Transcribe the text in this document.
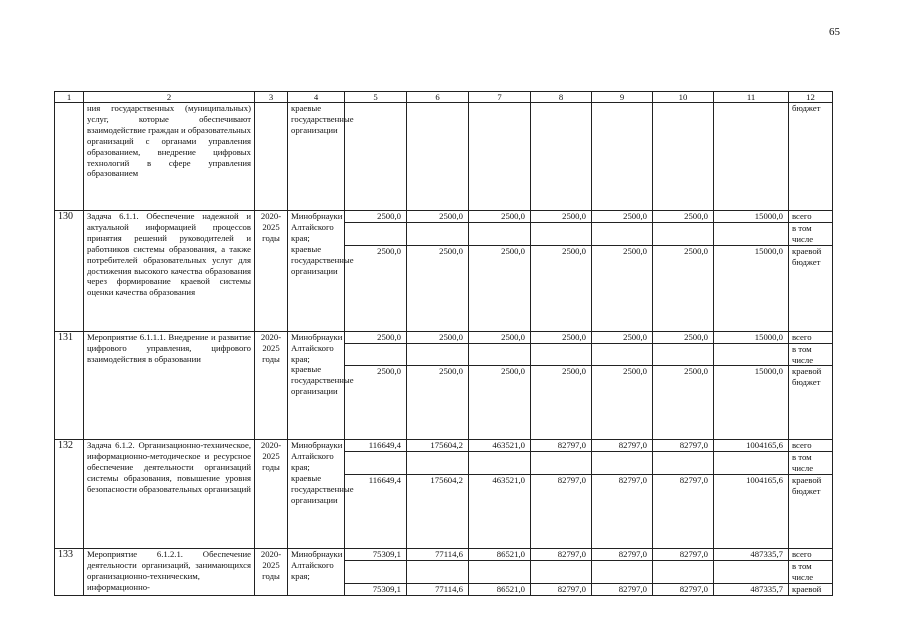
65
1	2	3	4	5	6	7	8	9	10	11	12
	ния государственных (муниципальных) услуг, которые обеспечивают взаимодействие граждан и образовательных организаций с органами управления образованием, внедрение цифровых технологий в сфере управления образованием		краевые государственные организации								бюджет
130	Задача 6.1.1. Обеспечение надежной и актуальной информацией процессов принятия решений руководителей и работников системы образования, а также потребителей образовательных услуг для достижения высокого качества образования через формирование краевой системы оценки качества образования	2020-2025 годы	Минобрнауки Алтайского края; краевые государственные организации	2500,0	2500,0	2500,0	2500,0	2500,0	2500,0	15000,0	всего
											в том числе
				2500,0	2500,0	2500,0	2500,0	2500,0	2500,0	15000,0	краевой бюджет
131	Мероприятие 6.1.1.1. Внедрение и развитие цифрового управления, цифрового взаимодействия в образовании	2020-2025 годы	Минобрнауки Алтайского края; краевые государственные организации	2500,0	2500,0	2500,0	2500,0	2500,0	2500,0	15000,0	всего
											в том числе
				2500,0	2500,0	2500,0	2500,0	2500,0	2500,0	15000,0	краевой бюджет
132	Задача 6.1.2. Организационно-техническое, информационно-методическое и ресурсное обеспечение деятельности организаций системы образования, повышение уровня безопасности образовательных организаций	2020-2025 годы	Минобрнауки Алтайского края; краевые государственные организации	116649,4	175604,2	463521,0	82797,0	82797,0	82797,0	1004165,6	всего
											в том числе
				116649,4	175604,2	463521,0	82797,0	82797,0	82797,0	1004165,6	краевой бюджет
133	Мероприятие 6.1.2.1. Обеспечение деятельности организаций, занимающихся организационно-техническим, информационно-	2020-2025 годы	Минобрнауки Алтайского края;	75309,1	77114,6	86521,0	82797,0	82797,0	82797,0	487335,7	всего
											в том числе
				75309,1	77114,6	86521,0	82797,0	82797,0	82797,0	487335,7	краевой
